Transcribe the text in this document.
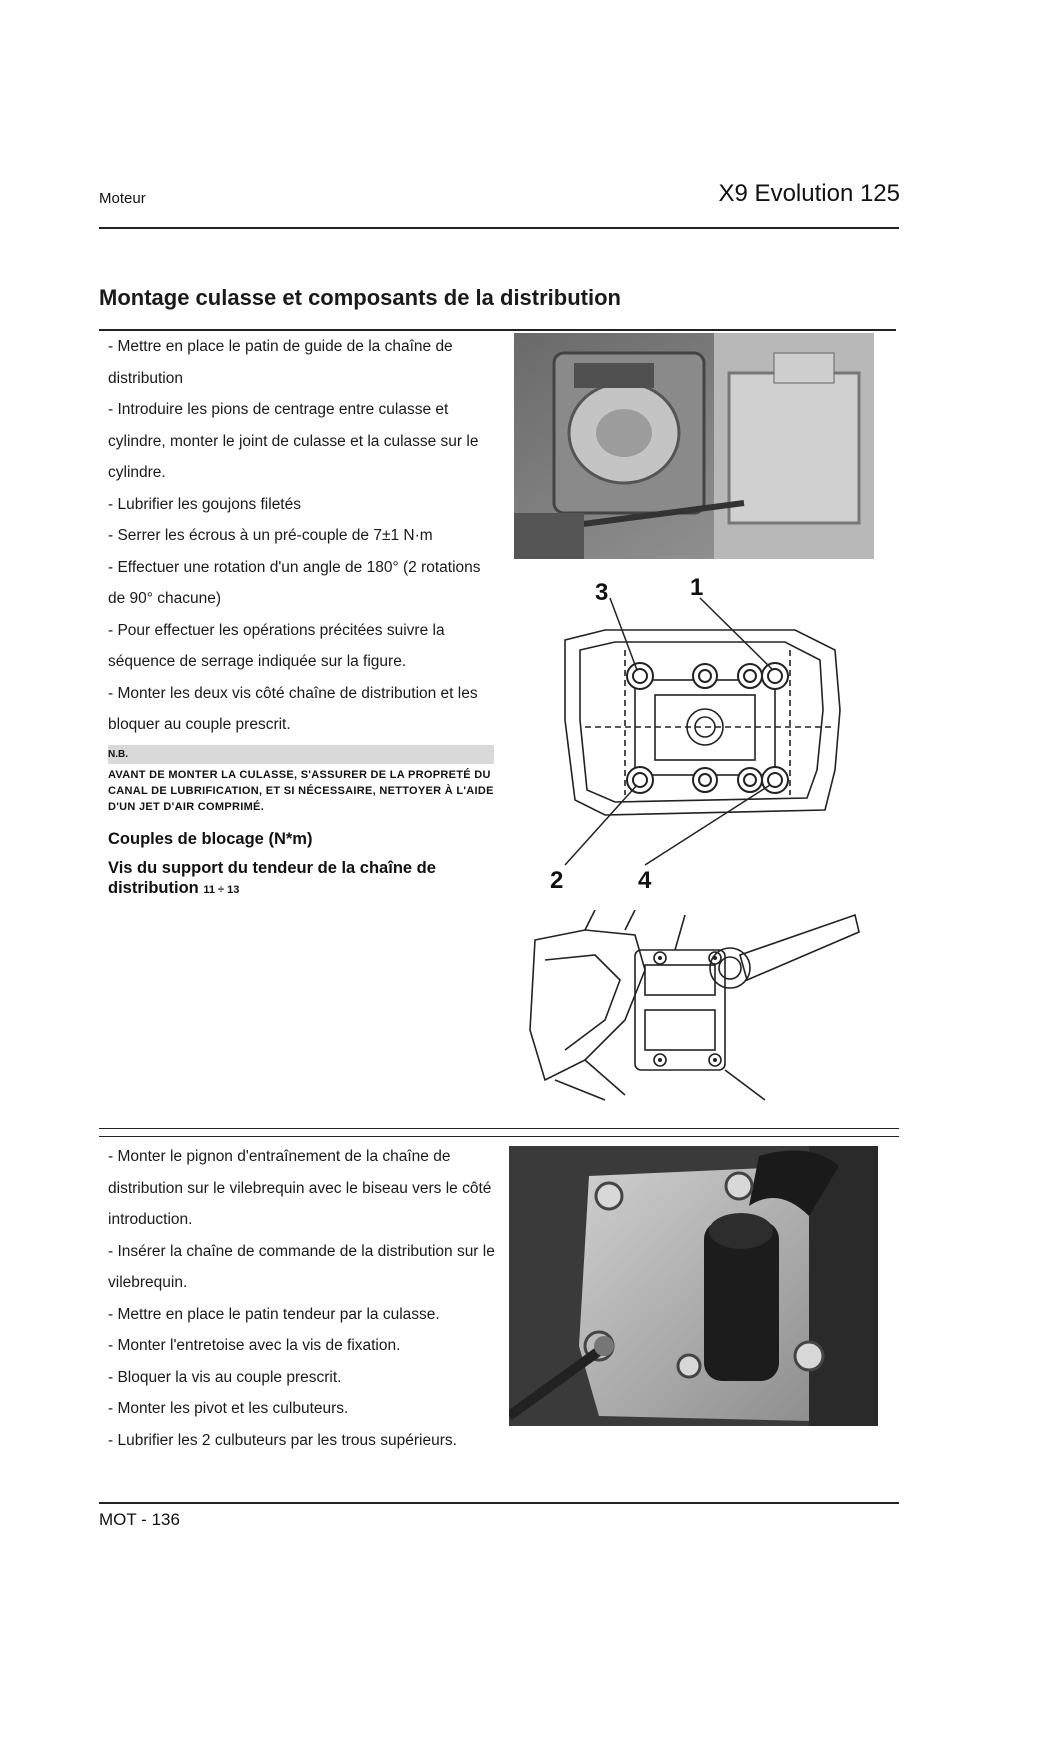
Moteur	X9 Evolution 125
Montage culasse et composants de la distribution

- Mettre en place le patin de guide de la chaîne de distribution

- Introduire les pions de centrage entre culasse et cylindre, monter le joint de culasse et la culasse sur le cylindre.

- Lubrifier les goujons filetés

- Serrer les écrous à un pré-couple de 7±1 N·m

- Effectuer une rotation d'un angle de 180° (2 rotations de 90° chacune)

- Pour effectuer les opérations précitées suivre la séquence de serrage indiquée sur la figure.

- Monter les deux vis côté chaîne de distribution et les bloquer au couple prescrit.

N.B.
AVANT DE MONTER LA CULASSE, S'ASSURER DE LA PROPRETÉ DU CANAL DE LUBRIFICATION, ET SI NÉCESSAIRE, NETTOYER À L'AIDE D'UN JET D'AIR COMPRIMÉ.
Couples de blocage (N*m)
Vis du support du tendeur de la chaîne de distribution 11 ÷ 13
3	1
2	4

- Monter le pignon d'entraînement de la chaîne de distribution sur le vilebrequin avec le biseau vers le côté introduction.

- Insérer la chaîne de commande de la distribution sur le vilebrequin.

- Mettre en place le patin tendeur par la culasse.

- Monter l'entretoise avec la vis de fixation.

- Bloquer la vis au couple prescrit.

- Monter les pivot et les culbuteurs.

- Lubrifier les 2 culbuteurs par les trous supérieurs.

MOT - 136
